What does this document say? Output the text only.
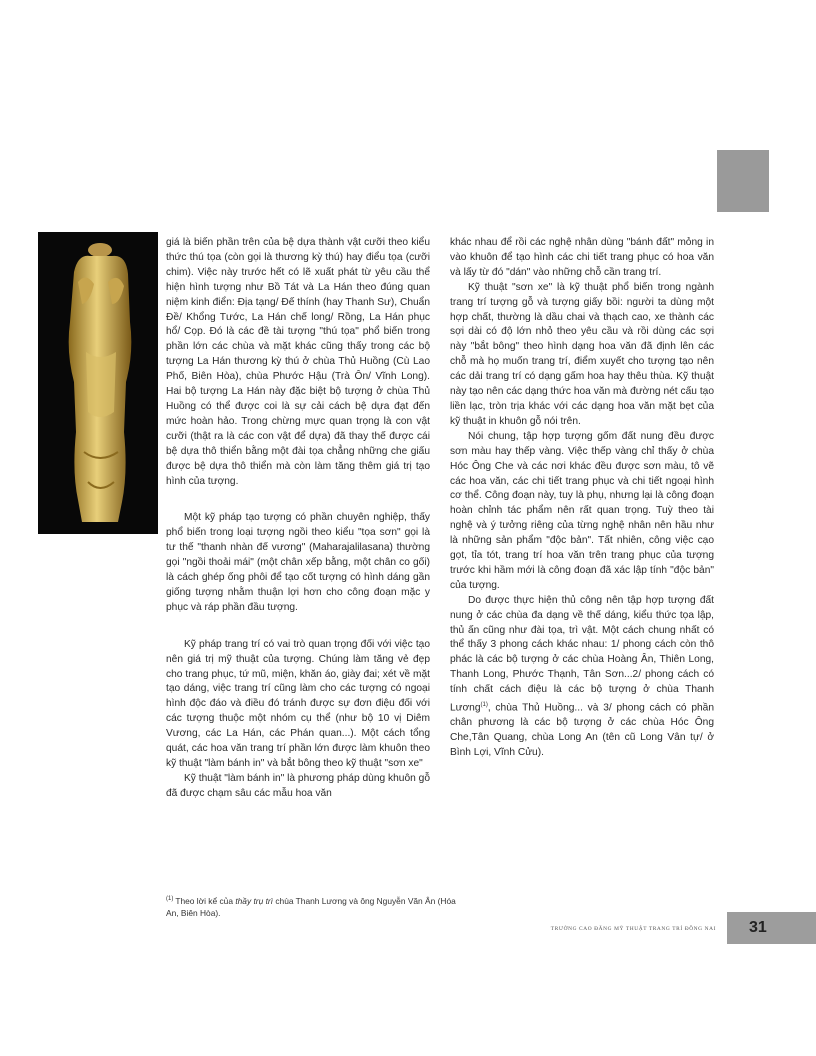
giá là biến phần trên của bệ dựa thành vật cưỡi theo kiểu thức thú tọa (còn gọi là thương kỳ thú) hay điểu tọa (cưỡi chim). Việc này trước hết có lẽ xuất phát từ yêu cầu thể hiện hình tượng như Bồ Tát và La Hán theo đúng quan niệm kinh điển: Địa tạng/ Đế thính (hay Thanh Sư), Chuẩn Đề/ Khổng Tước, La Hán chế long/ Rồng, La Hán phục hổ/ Cọp. Đó là các đề tài tượng "thú tọa" phổ biến trong phần lớn các chùa và mặt khác cũng thấy trong các bộ tượng La Hán thương kỳ thú ở chùa Thủ Huồng (Cù Lao Phố, Biên Hòa), chùa Phước Hậu (Trà Ôn/ Vĩnh Long). Hai bộ tượng La Hán này đặc biệt bộ tượng ở chùa Thủ Huồng có thể được coi là sự cải cách bệ dựa đạt đến mức hoàn hảo. Trong chừng mực quan trọng là con vật cưỡi (thật ra là các con vật để dựa) đã thay thế được cái bệ dựa thô thiển bằng một đài tọa chẳng những che giấu được bệ dựa thô thiển mà còn làm tăng thêm giá trị tạo hình của tượng.

Một kỹ pháp tạo tượng có phần chuyên nghiệp, thấy phổ biến trong loại tượng ngồi theo kiểu "tọa sơn" gọi là tư thế "thanh nhàn đế vương" (Maharajalilasana) thường gọi "ngồi thoải mái" (một chân xếp bằng, một chân co gối) là cách ghép ống phôi để tạo cốt tượng có hình dáng gần giống tượng nhằm thuận lợi hơn cho công đoạn mặc y phục và ráp phần đầu tượng.

Kỹ pháp trang trí có vai trò quan trọng đối với việc tạo nên giá trị mỹ thuật của tượng. Chúng làm tăng vẻ đẹp cho trang phục, tứ mũ, miện, khăn áo, giày đai; xét về mặt tạo dáng, việc trang trí cũng làm cho các tượng có ngoại hình độc đáo và điều đó tránh được sự đơn điệu đối với các tượng thuộc một nhóm cụ thể (như bộ 10 vị Diêm Vương, các La Hán, các Phán quan...). Một cách tổng quát, các hoa văn trang trí phần lớn được làm khuôn theo kỹ thuật "làm bánh in" và bắt bông theo kỹ thuật "sơn xe"

Kỹ thuật "làm bánh in" là phương pháp dùng khuôn gỗ đã được chạm sâu các mẫu hoa văn

khác nhau để rồi các nghệ nhân dùng "bánh đất" mỏng in vào khuôn để tạo hình các chi tiết trang phục có hoa văn và lấy từ đó "dán" vào những chỗ cần trang trí.

Kỹ thuật "sơn xe" là kỹ thuật phổ biến trong ngành trang trí tượng gỗ và tượng giấy bồi: người ta dùng một hợp chất, thường là dầu chai và thạch cao, xe thành các sợi dài có độ lớn nhỏ theo yêu cầu và rồi dùng các sợi này "bắt bông" theo hình dạng hoa văn đã định lên các chỗ mà họ muốn trang trí, điểm xuyết cho tượng tạo nên các dải trang trí có dạng gấm hoa hay thêu thùa. Kỹ thuật này tạo nên các dạng thức hoa văn mà đường nét cấu tạo liền lạc, tròn trịa khác với các dạng hoa văn mặt bẹt của kỹ thuật in khuôn gỗ nói trên.

Nói chung, tập hợp tượng gốm đất nung đều được sơn màu hay thếp vàng. Việc thếp vàng chỉ thấy ở chùa Hóc Ông Che và các nơi khác đều được sơn màu, tô vẽ các hoa văn, các chi tiết trang phục và chi tiết ngoại hình cơ thể. Công đoạn này, tuy là phụ, nhưng lại là công đoạn hoàn chỉnh tác phẩm nên rất quan trọng. Tuỳ theo tài nghệ và ý tưởng riêng của từng nghệ nhân nên hầu như là những sản phẩm "độc bản". Tất nhiên, công việc cạo gọt, tỉa tót, trang trí hoa văn trên trang phục của tượng trước khi hầm mới là công đoạn đã xác lập tính "độc bản" của tượng.

Do được thực hiện thủ công nên tập hợp tượng đất nung ở các chùa đa dạng về thế dáng, kiểu thức tọa lập, thủ ấn cũng như đài tọa, trì vật. Một cách chung nhất có thể thấy 3 phong cách khác nhau: 1/ phong cách còn thô phác là các bộ tượng ở các chùa Hoàng Ân, Thiên Long, Thanh Long, Phước Thạnh, Tân Sơn...2/ phong cách có tính chất cách điệu là các bộ tượng ở chùa Thanh Lương$^{(1)}$, chùa Thủ Huồng... và 3/ phong cách có phần chân phương là các bộ tượng ở các chùa Hóc Ông Che,Tân Quang, chùa Long An (tên cũ Long Vân tự/ ở Bình Lợi, Vĩnh Cửu).

$^{(1)}$ Theo lời kể của thầy trụ trì chùa Thanh Lương và ông Nguyễn Văn Ân (Hóa An, Biên Hòa).
TRƯỜNG CAO ĐẲNG MỸ THUẬT TRANG TRÍ ĐỒNG NAI 31
